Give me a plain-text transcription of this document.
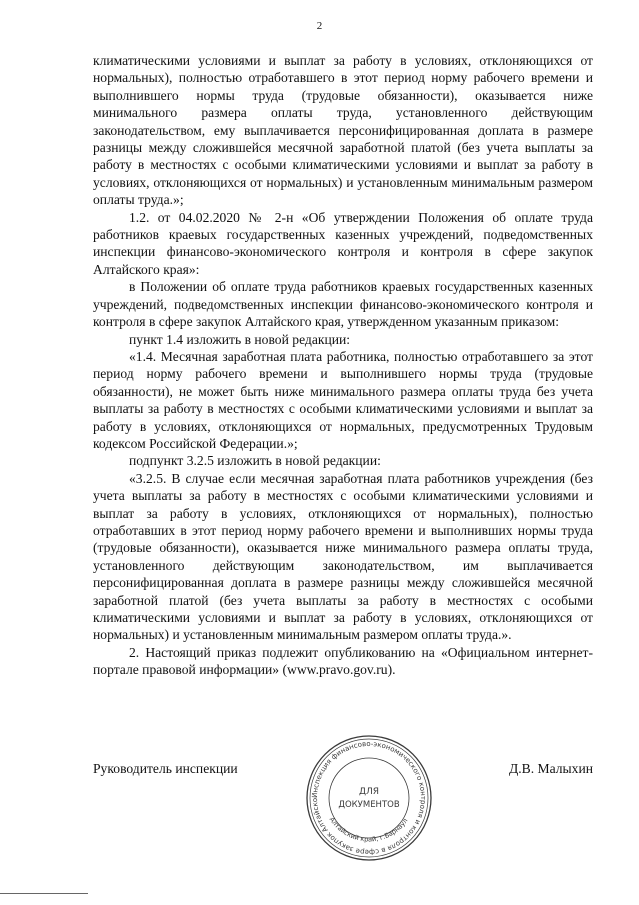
2

климатическими условиями и выплат за работу в условиях, отклоняющихся от нормальных), полностью отработавшего в этот период норму рабочего времени и выполнившего нормы труда (трудовые обязанности), оказывается ниже минимального размера оплаты труда, установленного действующим законодательством, ему выплачивается персонифицированная доплата в размере разницы между сложившейся месячной заработной платой (без учета выплаты за работу в местностях с особыми климатическими условиями и выплат за работу в условиях, отклоняющихся от нормальных) и установленным минимальным размером оплаты труда.»;

1.2. от 04.02.2020 № 2-н «Об утверждении Положения об оплате труда работников краевых государственных казенных учреждений, подведомственных инспекции финансово-экономического контроля и контроля в сфере закупок Алтайского края»:

в Положении об оплате труда работников краевых государственных казенных учреждений, подведомственных инспекции финансово-экономического контроля и контроля в сфере закупок Алтайского края, утвержденном указанным приказом:

пункт 1.4 изложить в новой редакции:

«1.4. Месячная заработная плата работника, полностью отработавшего за этот период норму рабочего времени и выполнившего нормы труда (трудовые обязанности), не может быть ниже минимального размера оплаты труда без учета выплаты за работу в местностях с особыми климатическими условиями и выплат за работу в условиях, отклоняющихся от нормальных, предусмотренных Трудовым кодексом Российской Федерации.»;

подпункт 3.2.5 изложить в новой редакции:

«3.2.5. В случае если месячная заработная плата работников учреждения (без учета выплаты за работу в местностях с особыми климатическими условиями и выплат за работу в условиях, отклоняющихся от нормальных), полностью отработавших в этот период норму рабочего времени и выполнивших нормы труда (трудовые обязанности), оказывается ниже минимального размера оплаты труда, установленного действующим законодательством, им выплачивается персонифицированная доплата в размере разницы между сложившейся месячной заработной платой (без учета выплаты за работу в местностях с особыми климатическими условиями и выплат за работу в условиях, отклоняющихся от нормальных) и установленным минимальным размером оплаты труда.».

2. Настоящий приказ подлежит опубликованию на «Официальном интернет-портале правовой информации» (www.pravo.gov.ru).

Руководитель инспекции	Д.В. Малыхин
Инспекция финансово-экономического контроля и контроля в сфере закупок Алтайско
Алтайский край, г.Барнаул
ДЛЯ
ДОКУМЕНТОВ
